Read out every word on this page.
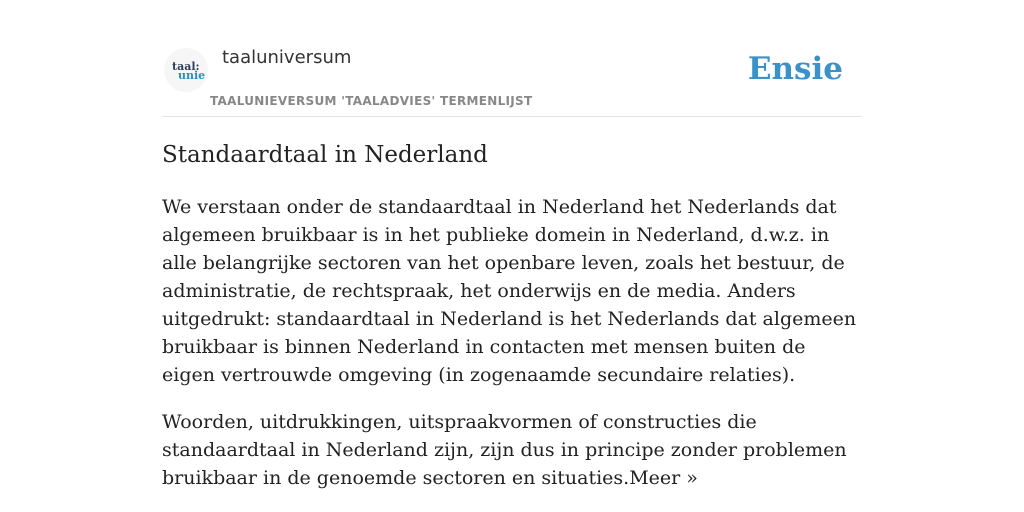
taal:
unie
taaluniversum
TAALUNIEVERSUM 'TAALADVIES' TERMENLIJST
Ensie
Standaardtaal in Nederland

We verstaan onder de standaardtaal in Nederland het Nederlands dat algemeen bruikbaar is in het publieke domein in Nederland, d.w.z. in alle belangrijke sectoren van het openbare leven, zoals het bestuur, de administratie, de rechtspraak, het onderwijs en de media. Anders uitgedrukt: standaardtaal in Nederland is het Nederlands dat algemeen bruikbaar is binnen Nederland in contacten met mensen buiten de eigen vertrouwde omgeving (in zogenaamde secundaire relaties).

Woorden, uitdrukkingen, uitspraakvormen of constructies die standaardtaal in Nederland zijn, zijn dus in principe zonder problemen bruikbaar in de genoemde sectoren en situaties.Meer »
